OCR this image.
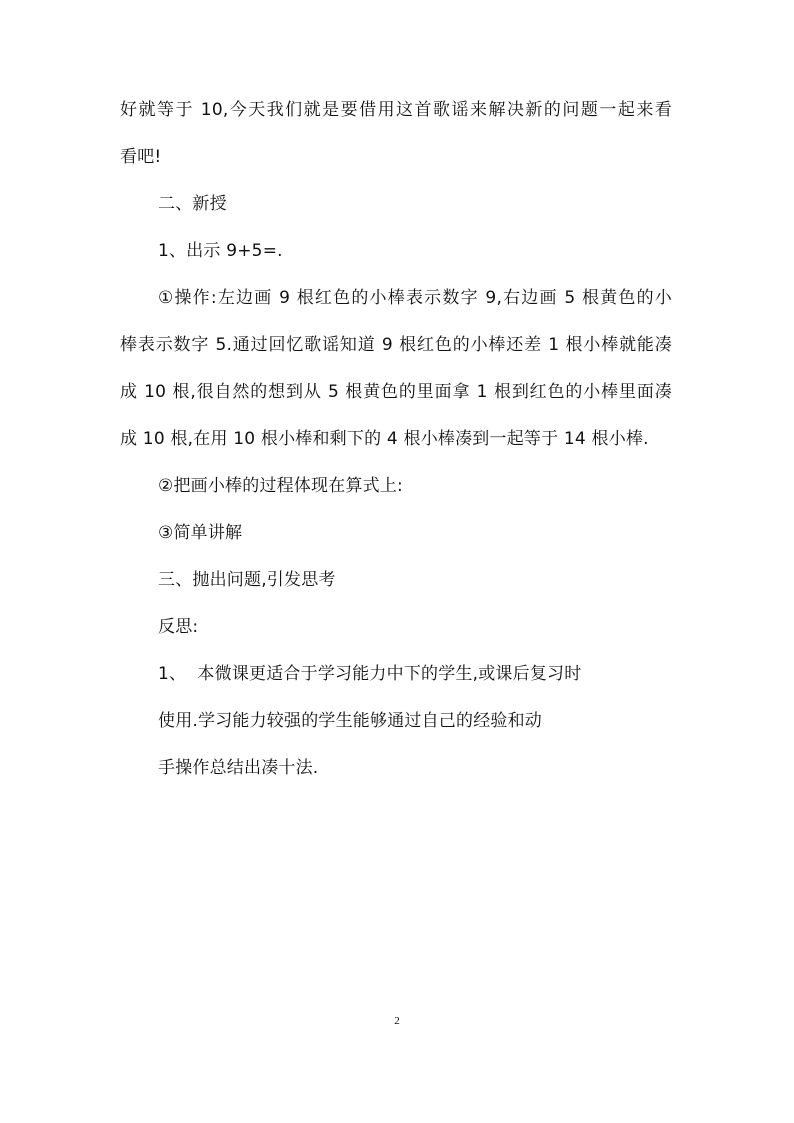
好就等于 10,今天我们就是要借用这首歌谣来解决新的问题一起来看
看吧!
二、新授
1、出示 9+5=.
①操作:左边画 9 根红色的小棒表示数字 9,右边画 5 根黄色的小
棒表示数字 5.通过回忆歌谣知道 9 根红色的小棒还差 1 根小棒就能凑
成 10 根,很自然的想到从 5 根黄色的里面拿 1 根到红色的小棒里面凑
成 10 根,在用 10 根小棒和剩下的 4 根小棒凑到一起等于 14 根小棒.
②把画小棒的过程体现在算式上:
③简单讲解
三、抛出问题,引发思考
反思:
1、  本微课更适合于学习能力中下的学生,或课后复习时
使用.学习能力较强的学生能够通过自己的经验和动
手操作总结出凑十法.
2
